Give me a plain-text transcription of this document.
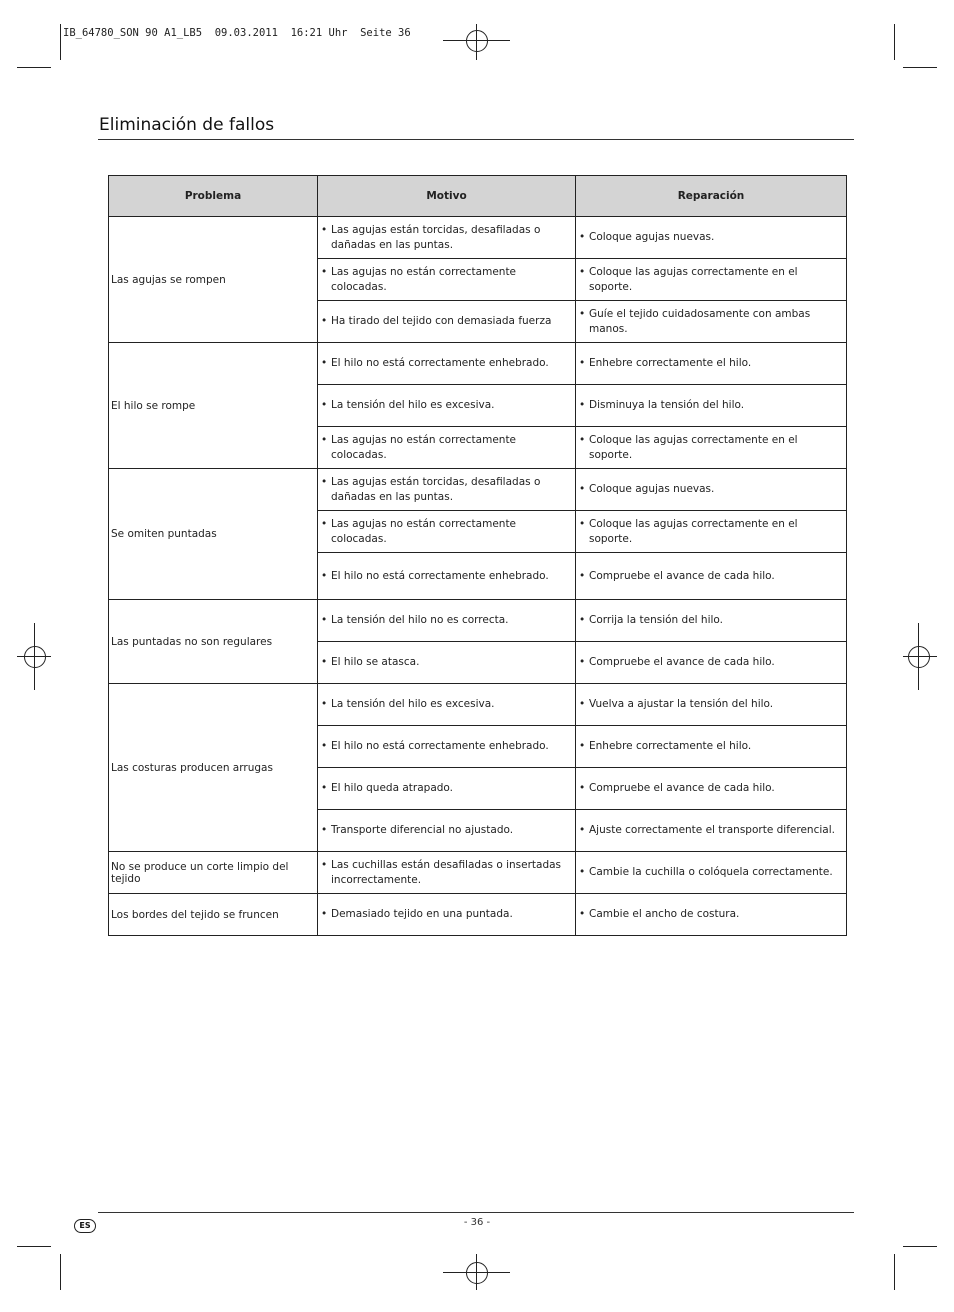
IB_64780_SON 90 A1_LB5  09.03.2011  16:21 Uhr  Seite 36
Eliminación de fallos
Problema	Motivo	Reparación
Las agujas se rompen	• Las agujas están torcidas, desafiladas o dañadas en las puntas.	• Coloque agujas nuevas.

	• Las agujas no están correctamente colocadas.	• Coloque las agujas correctamente en el soporte.

	• Ha tirado del tejido con demasiada fuerza	• Guíe el tejido cuidadosamente con ambas manos.

El hilo se rompe	• El hilo no está correctamente enhebrado.	• Enhebre correctamente el hilo.

	• La tensión del hilo es excesiva.	• Disminuya la tensión del hilo.

	• Las agujas no están correctamente colocadas.	• Coloque las agujas correctamente en el soporte.

Se omiten puntadas	• Las agujas están torcidas, desafiladas o dañadas en las puntas.	• Coloque agujas nuevas.

	• Las agujas no están correctamente colocadas.	• Coloque las agujas correctamente en el soporte.

	• El hilo no está correctamente enhebrado.	• Compruebe el avance de cada hilo.

Las puntadas no son regulares	• La tensión del hilo no es correcta.	• Corrija la tensión del hilo.

	• El hilo se atasca.	• Compruebe el avance de cada hilo.

Las costuras producen arrugas	• La tensión del hilo es excesiva.	• Vuelva a ajustar la tensión del hilo.

	• El hilo no está correctamente enhebrado.	• Enhebre correctamente el hilo.

	• El hilo queda atrapado.	• Compruebe el avance de cada hilo.

	• Transporte diferencial no ajustado.	• Ajuste correctamente el transporte diferencial.

No se produce un corte limpio del tejido	• Las cuchillas están desafiladas o insertadas incorrectamente.	• Cambie la cuchilla o colóquela correctamente.

Los bordes del tejido se fruncen	• Demasiado tejido en una puntada.	• Cambie el ancho de costura.
ES	- 36 -
